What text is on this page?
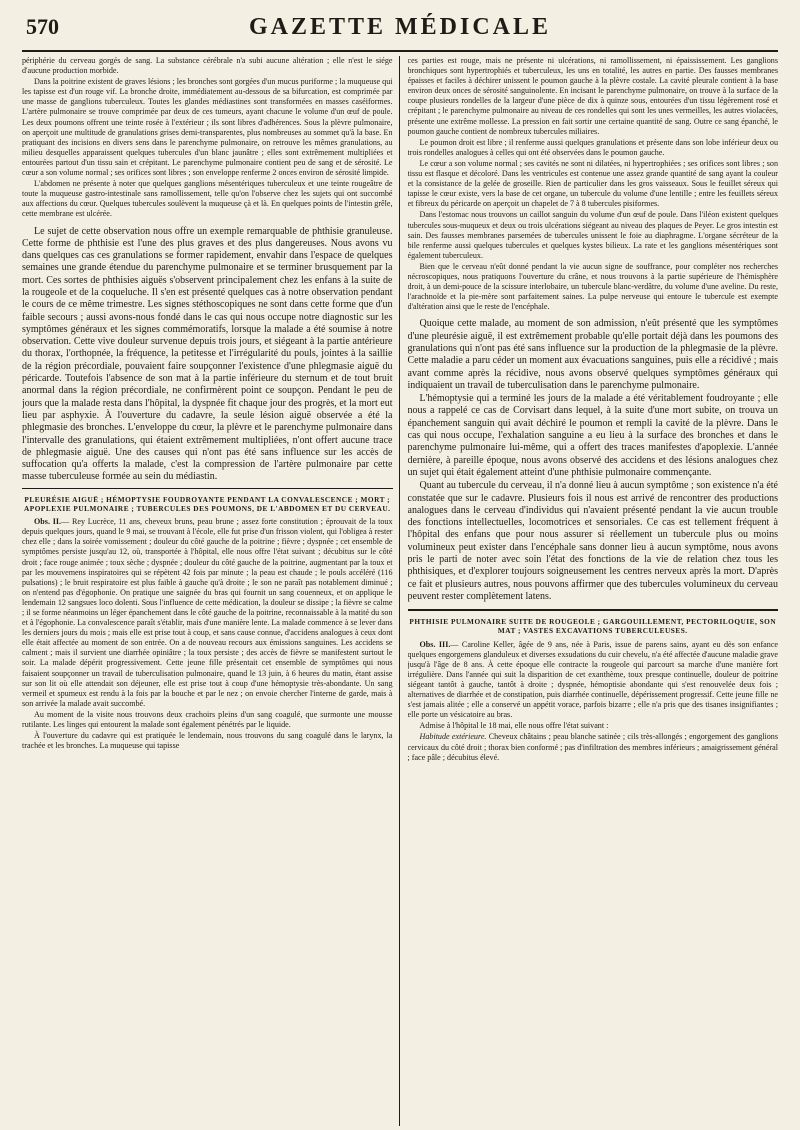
570	GAZETTE MÉDICALE

périphérie du cerveau gorgés de sang. La substance cérébrale n'a subi aucune altération ; elle n'est le siége d'aucune production morbide.

Dans la poitrine existent de graves lésions ; les bronches sont gorgées d'un mucus puriforme ; la muqueuse qui les tapisse est d'un rouge vif. La bronche droite, immédiatement au-dessous de sa bifurcation, est comprimée par une masse de ganglions tuberculeux. Toutes les glandes médiastines sont transformées en masses caséiformes. L'artère pulmonaire se trouve comprimée par deux de ces tumeurs, ayant chacune le volume d'un œuf de poule. Les deux poumons offrent une teinte rosée à l'extérieur ; ils sont libres d'adhérences. Sous la plèvre pulmonaire, on aperçoit une multitude de granulations grises demi-transparentes, plus nombreuses au sommet qu'à la base. En pratiquant des incisions en divers sens dans le parenchyme pulmonaire, on retrouve les mêmes granulations, au milieu desquelles apparaissent quelques tubercules d'un blanc jaunâtre ; elles sont extrêmement multipliées et entourées partout d'un tissu sain et crépitant. Le parenchyme pulmonaire contient peu de sang et de sérosité. Le cœur a son volume normal ; ses orifices sont libres ; son enveloppe renferme 2 onces environ de sérosité limpide.

L'abdomen ne présente à noter que quelques ganglions mésentériques tuberculeux et une teinte rougeâtre de toute la muqueuse gastro-intestinale sans ramollissement, telle qu'on l'observe chez les sujets qui ont succombé aux affections du cœur. Quelques tubercules soulèvent la muqueuse çà et là. En quelques points de l'intestin grêle, cette membrane est ulcérée.

Le sujet de cette observation nous offre un exemple remarquable de phthisie granuleuse. Cette forme de phthisie est l'une des plus graves et des plus dangereuses. Nous avons vu dans quelques cas ces granulations se former rapidement, envahir dans l'espace de quelques semaines une grande étendue du parenchyme pulmonaire et se terminer brusquement par la mort. Ces sortes de phthisies aiguës s'observent principalement chez les enfans à la suite de la rougeole et de la coqueluche. Il s'en est présenté quelques cas à notre observation pendant le cours de ce même trimestre. Les signes stéthoscopiques ne sont dans cette forme que d'un faible secours ; aussi avons-nous fondé dans le cas qui nous occupe notre diagnostic sur les symptômes généraux et les signes commémoratifs, lorsque la malade a été soumise à notre observation. Cette vive douleur survenue depuis trois jours, et siégeant à la partie antérieure du thorax, l'orthopnée, la fréquence, la petitesse et l'irrégularité du pouls, jointes à la saillie de la région précordiale, pouvaient faire soupçonner l'existence d'une phlegmasie aiguë du péricarde. Toutefois l'absence de son mat à la partie inférieure du sternum et de tout bruit anormal dans la région précordiale, ne confirmèrent point ce soupçon. Pendant le peu de jours que la malade resta dans l'hôpital, la dyspnée fit chaque jour des progrès, et la mort eut lieu par asphyxie. À l'ouverture du cadavre, la seule lésion aiguë observée a été la phlegmasie des bronches. L'enveloppe du cœur, la plèvre et le parenchyme pulmonaire dans l'intervalle des granulations, qui étaient extrêmement multipliées, n'ont offert aucune trace de phlegmasie aiguë. Une des causes qui n'ont pas été sans influence sur les accès de suffocation qu'a offerts la malade, c'est la compression de l'artère pulmonaire par cette masse tuberculeuse formée au sein du médiastin.

PLEURÉSIE AIGUË ; HÉMOPTYSIE FOUDROYANTE PENDANT LA CONVALESCENCE ; MORT ; APOPLEXIE PULMONAIRE ; TUBERCULES DES POUMONS, DE L'ABDOMEN ET DU CERVEAU.

Obs. II.— Rey Lucrèce, 11 ans, cheveux bruns, peau brune ; assez forte constitution ; éprouvait de la toux depuis quelques jours, quand le 9 mai, se trouvant à l'école, elle fut prise d'un frisson violent, qui l'obligea à rester chez elle ; dans la soirée vomissement ; douleur du côté gauche de la poitrine ; fièvre ; dyspnée ; cet ensemble de symptômes persiste jusqu'au 12, où, transportée à l'hôpital, elle nous offre l'état suivant ; décubitus sur le côté droit ; face rouge animée ; toux sèche ; dyspnée ; douleur du côté gauche de la poitrine, augmentant par la toux et par les mouvemens inspiratoires qui se répètent 42 fois par minute ; la peau est chaude ; le pouls accéléré (116 pulsations) ; le bruit respiratoire est plus faible à gauche qu'à droite ; le son ne paraît pas notablement diminué ; on n'entend pas d'égophonie. On pratique une saignée du bras qui fournit un sang couenneux, et on applique le lendemain 12 sangsues loco dolenti. Sous l'influence de cette médication, la douleur se dissipe ; la fièvre se calme ; il se forme néanmoins un léger épanchement dans le côté gauche de la poitrine, reconnaissable à la matité du son et à l'égophonie. La convalescence paraît s'établir, mais d'une manière lente. La malade commence à se lever dans les derniers jours du mois ; mais elle est prise tout à coup, et sans cause connue, d'accidens analogues à ceux dont elle était affectée au moment de son entrée. On a de nouveau recours aux émissions sanguines. Les accidens se calment ; mais il survient une diarrhée opiniâtre ; la toux persiste ; des accès de fièvre se manifestent surtout le soir. La malade dépérit progressivement. Cette jeune fille présentait cet ensemble de symptômes qui nous faisaient soupçonner un travail de tuberculisation pulmonaire, quand le 13 juin, à 6 heures du matin, étant assise sur son lit où elle attendait son déjeuner, elle est prise tout à coup d'une hémoptysie très-abondante. Un sang vermeil et spumeux est rendu à la fois par la bouche et par le nez ; on envoie chercher l'interne de garde, mais à son arrivée la malade avait succombé.

Au moment de la visite nous trouvons deux crachoirs pleins d'un sang coagulé, que surmonte une mousse rutilante. Les linges qui entourent la malade sont également pénétrés par le liquide.

À l'ouverture du cadavre qui est pratiquée le lendemain, nous trouvons du sang coagulé dans le larynx, la trachée et les bronches. La muqueuse qui tapisse

ces parties est rouge, mais ne présente ni ulcérations, ni ramollissement, ni épaississement. Les ganglions bronchiques sont hypertrophiés et tuberculeux, les uns en totalité, les autres en partie. Des fausses membranes épaisses et faciles à déchirer unissent le poumon gauche à la plèvre costale. La cavité pleurale contient à la base environ deux onces de sérosité sanguinolente. En incisant le parenchyme pulmonaire, on trouve à la surface de la coupe plusieurs rondelles de la largeur d'une pièce de dix à quinze sous, entourées d'un tissu légèrement rosé et crépitant ; le parenchyme pulmonaire au niveau de ces rondelles qui sont les unes vermeilles, les autres violacées, présente une extrême mollesse. La pression en fait sortir une certaine quantité de sang. Outre ce sang épanché, le poumon gauche contient de nombreux tubercules miliaires.

Le poumon droit est libre ; il renferme aussi quelques granulations et présente dans son lobe inférieur deux ou trois rondelles analogues à celles qui ont été observées dans le poumon gauche.

Le cœur a son volume normal ; ses cavités ne sont ni dilatées, ni hypertrophiées ; ses orifices sont libres ; son tissu est flasque et décoloré. Dans les ventricules est contenue une assez grande quantité de sang ayant la couleur et la consistance de la gelée de groseille. Rien de particulier dans les gros vaisseaux. Sous le feuillet séreux qui tapisse le cœur existe, vers la base de cet organe, un tubercule du volume d'une lentille ; entre les feuillets séreux et fibreux du péricarde on aperçoit un chapelet de 7 à 8 tubercules pisiformes.

Dans l'estomac nous trouvons un caillot sanguin du volume d'un œuf de poule. Dans l'iléon existent quelques tubercules sous-muqueux et deux ou trois ulcérations siégeant au niveau des plaques de Peyer. Le gros intestin est sain. Des fausses membranes parsemées de tubercules unissent le foie au diaphragme. L'organe sécréteur de la bile renferme aussi quelques tubercules et quelques kystes bilieux. La rate et les ganglions mésentériques sont également tuberculeux.

Bien que le cerveau n'eût donné pendant la vie aucun signe de souffrance, pour compléter nos recherches nécroscopiques, nous pratiquons l'ouverture du crâne, et nous trouvons à la partie supérieure de l'hémisphère droit, à un demi-pouce de la scissure interlobaire, un tubercule blanc-verdâtre, du volume d'une aveline. Du reste, l'arachnoïde et la pie-mère sont parfaitement saines. La pulpe nerveuse qui entoure le tubercule est exempte d'altération ainsi que le reste de l'encéphale.

Quoique cette malade, au moment de son admission, n'eût présenté que les symptômes d'une pleurésie aiguë, il est extrêmement probable qu'elle portait déjà dans les poumons des granulations qui n'ont pas été sans influence sur la production de la phlegmasie de la plèvre. Cette maladie a paru céder un moment aux évacuations sanguines, puis elle a récidivé ; mais avant comme après la récidive, nous avons observé quelques symptômes généraux qui indiquaient un travail de tuberculisation dans le parenchyme pulmonaire.

L'hémoptysie qui a terminé les jours de la malade a été véritablement foudroyante ; elle nous a rappelé ce cas de Corvisart dans lequel, à la suite d'une mort subite, on trouva un épanchement sanguin qui avait déchiré le poumon et rempli la cavité de la plèvre. Dans le cas qui nous occupe, l'exhalation sanguine a eu lieu à la surface des bronches et dans le parenchyme pulmonaire lui-même, qui a offert des traces manifestes d'apoplexie. L'année dernière, à pareille époque, nous avons observé des accidens et des lésions analogues chez un sujet qui était également atteint d'une phthisie pulmonaire commençante.

Quant au tubercule du cerveau, il n'a donné lieu à aucun symptôme ; son existence n'a été constatée que sur le cadavre. Plusieurs fois il nous est arrivé de rencontrer des productions analogues dans le cerveau d'individus qui n'avaient présenté pendant la vie aucun trouble des fonctions intellectuelles, locomotrices et sensoriales. Ce cas est tellement fréquent à l'hôpital des enfans que pour nous assurer si réellement un tubercule plus ou moins volumineux peut exister dans l'encéphale sans donner lieu à aucun symptôme, nous avons pris le parti de noter avec soin l'état des fonctions de la vie de relation chez tous les phthisiques, et d'explorer toujours soigneusement les centres nerveux après la mort. D'après ce fait et plusieurs autres, nous pouvons affirmer que des tubercules volumineux du cerveau peuvent rester complètement latens.

PHTHISIE PULMONAIRE SUITE DE ROUGEOLE ; GARGOUILLEMENT, PECTORILOQUIE, SON MAT ; VASTES EXCAVATIONS TUBERCULEUSES.

Obs. III.— Caroline Keller, âgée de 9 ans, née à Paris, issue de parens sains, ayant eu dès son enfance quelques engorgemens glanduleux et diverses exsudations du cuir chevelu, n'a été affectée d'aucune maladie grave jusqu'à l'âge de 8 ans. À cette époque elle contracte la rougeole qui parcourt sa marche d'une manière fort irrégulière. Dans l'année qui suit la disparition de cet exanthème, toux presque continuelle, douleur de poitrine siégeant tantôt à gauche, tantôt à droite ; dyspnée, hémoptisie abondante qui s'est renouvelée deux fois ; alternatives de diarrhée et de constipation, puis diarrhée continuelle, dépérissement progressif. Cette jeune fille ne s'est jamais alitée ; elle a conservé un appétit vorace, parfois bizarre ; elle n'a pris que des tisanes insignifiantes ; elle porte un vésicatoire au bras.

Admise à l'hôpital le 18 mai, elle nous offre l'état suivant :

Habitude extérieure. Cheveux châtains ; peau blanche satinée ; cils très-allongés ; engorgement des ganglions cervicaux du côté droit ; thorax bien conformé ; pas d'infiltration des membres inférieurs ; amaigrissement général ; face pâle ; décubitus élevé.
